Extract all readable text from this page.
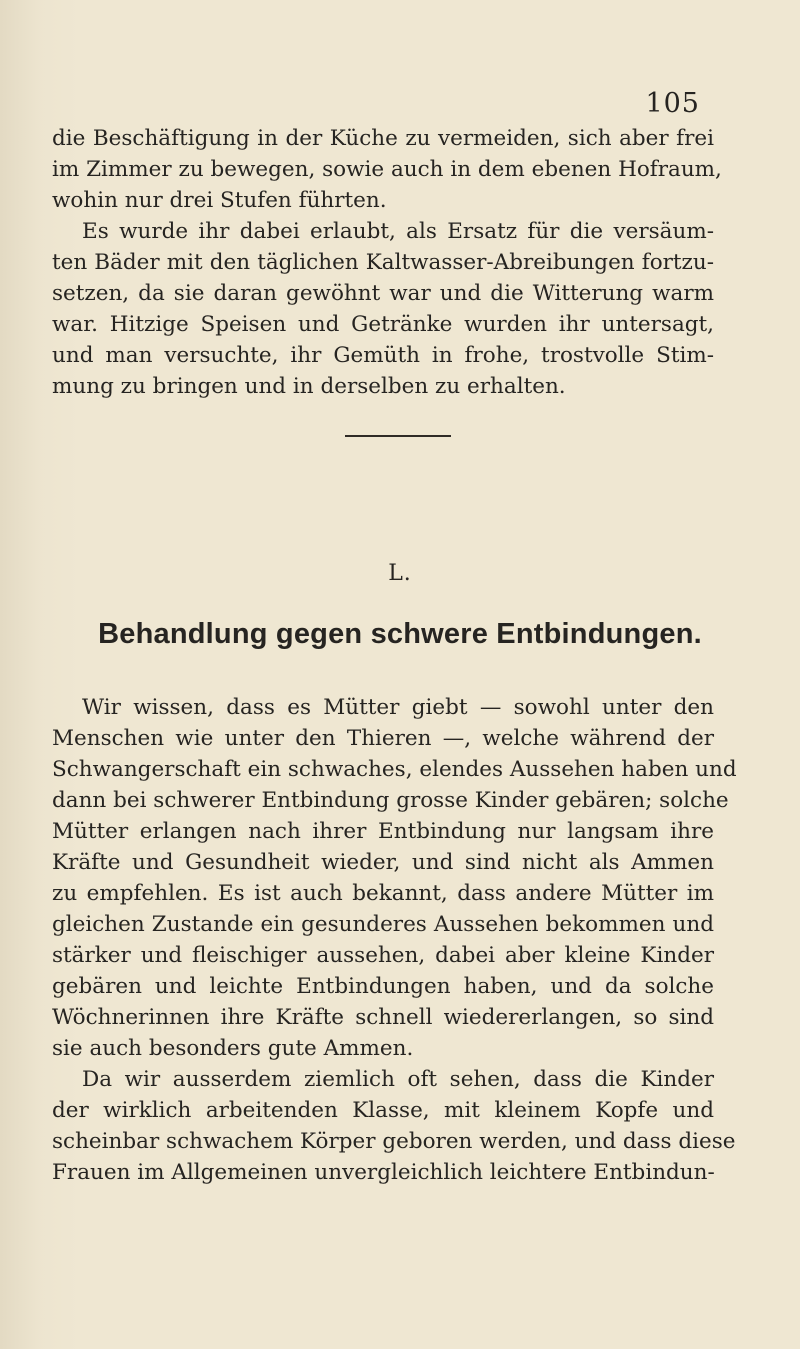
105
die Beschäftigung in der Küche zu vermeiden, sich aber frei
im Zimmer zu bewegen, sowie auch in dem ebenen Hofraum,
wohin nur drei Stufen führten.
Es wurde ihr dabei erlaubt, als Ersatz für die versäum-
ten Bäder mit den täglichen Kaltwasser-Abreibungen fortzu-
setzen, da sie daran gewöhnt war und die Witterung warm
war. Hitzige Speisen und Getränke wurden ihr untersagt,
und man versuchte, ihr Gemüth in frohe, trostvolle Stim-
mung zu bringen und in derselben zu erhalten.
L.
Behandlung gegen schwere Entbindungen.
Wir wissen, dass es Mütter giebt — sowohl unter den
Menschen wie unter den Thieren —, welche während der
Schwangerschaft ein schwaches, elendes Aussehen haben und
dann bei schwerer Entbindung grosse Kinder gebären; solche
Mütter erlangen nach ihrer Entbindung nur langsam ihre
Kräfte und Gesundheit wieder, und sind nicht als Ammen
zu empfehlen. Es ist auch bekannt, dass andere Mütter im
gleichen Zustande ein gesunderes Aussehen bekommen und
stärker und fleischiger aussehen, dabei aber kleine Kinder
gebären und leichte Entbindungen haben, und da solche
Wöchnerinnen ihre Kräfte schnell wiedererlangen, so sind
sie auch besonders gute Ammen.
Da wir ausserdem ziemlich oft sehen, dass die Kinder
der wirklich arbeitenden Klasse, mit kleinem Kopfe und
scheinbar schwachem Körper geboren werden, und dass diese
Frauen im Allgemeinen unvergleichlich leichtere Entbindun-
